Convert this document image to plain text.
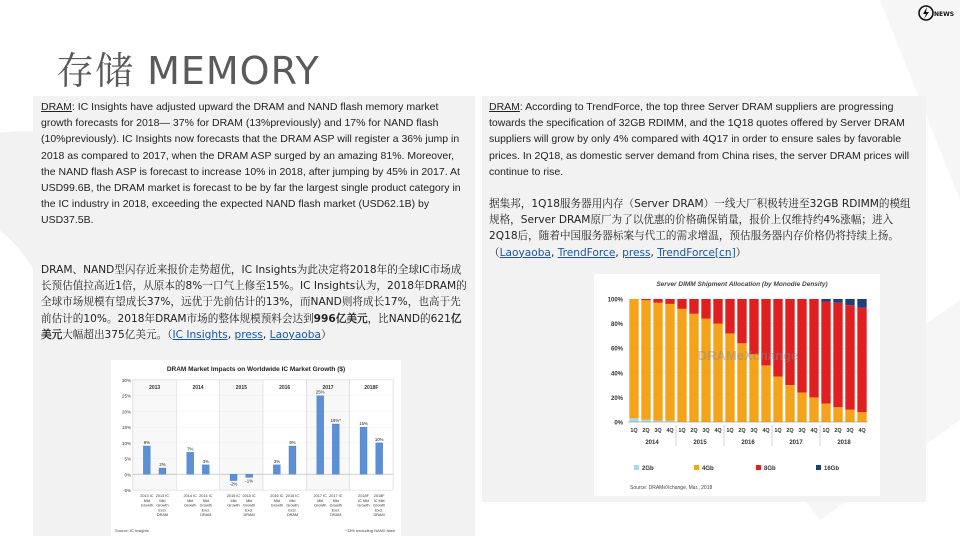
NEWS
存储 MEMORY
DRAM: IC Insights have adjusted upward the DRAM and NAND flash memory market growth forecasts for 2018— 37% for DRAM (13%previously) and 17% for NAND flash (10%previously). IC Insights now forecasts that the DRAM ASP will register a 36% jump in 2018 as compared to 2017, when the DRAM ASP surged by an amazing 81%. Moreover, the NAND flash ASP is forecast to increase 10% in 2018, after jumping by 45% in 2017. At USD99.6B, the DRAM market is forecast to be by far the largest single product category in the IC industry in 2018, exceeding the expected NAND flash market (USD62.1B) by USD37.5B.
DRAM、NAND型闪存近来报价走势超优，IC Insights为此决定将2018年的全球IC市场成长预估值拉高近1倍，从原本的8%一口气上修至15%。IC Insights认为，2018年DRAM的全球市场规模有望成长37%，远优于先前估计的13%，而NAND则将成长17%，也高于先前估计的10%。2018年DRAM市场的整体规模预料会达到996亿美元，比NAND的621亿美元大幅超出375亿美元。（IC Insights, press, Laoyaoba）
DRAM Market Impacts on Worldwide IC Market Growth ($)
30%
25%
20%
15%
10%
5%
0%
-5%
2013	2014	2015	2016	2017	2018F
9%
2013 IC
Mkt
Growth
2%
2013 IC
Mkt
Growth
Excl.
DRAM
7%
2014 IC
Mkt
Growth
3%
2014 IC
Mkt
Growth
Excl.
DRAM
-2%
2015 IC
Mkt
Growth
-1%
2015 IC
Mkt
Growth
Excl.
DRAM
3%
2016 IC
Mkt
Growth
9%
2016 IC
Mkt
Growth
Excl.
DRAM
25%
2017 IC
Mkt
Growth
16%*
2017 IC
Mkt
Growth
Excl.
DRAM
15%
2018F
IC Mkt
Growth
10%
2018F
IC Mkt
Growth
Excl.
DRAM
Source: IC Insights	*13% excluding NAND flash
DRAM: According to TrendForce, the top three Server DRAM suppliers are progressing towards the specification of 32GB RDIMM, and the 1Q18 quotes offered by Server DRAM suppliers will grow by only 4% compared with 4Q17 in order to ensure sales by favorable prices. In 2Q18, as domestic server demand from China rises, the server DRAM prices will continue to rise.
据集邦，1Q18服务器用内存（Server DRAM）一线大厂积极转进至32GB RDIMM的模组规格，Server DRAM原厂为了以优惠的价格确保销量，报价上仅维持约4%涨幅；进入2Q18后，随着中国服务器标案与代工的需求增温，预估服务器内存价格仍将持续上扬。（Laoyaoba, TrendForce, press, TrendForce[cn]）
Server DIMM Shipment Allocation (by Monodie Density)
100%
80%
60%
40%
20%
0%
1Q 2Q 3Q 4Q 1Q 2Q 3Q 4Q 1Q 2Q 3Q 4Q 1Q 2Q 3Q 4Q 1Q 2Q 3Q 4Q
DRAMeXchange
2014	2015	2016	2017	2018
2Gb	4Gb	8Gb	16Gb
Source: DRAMeXchange, Mar., 2018
